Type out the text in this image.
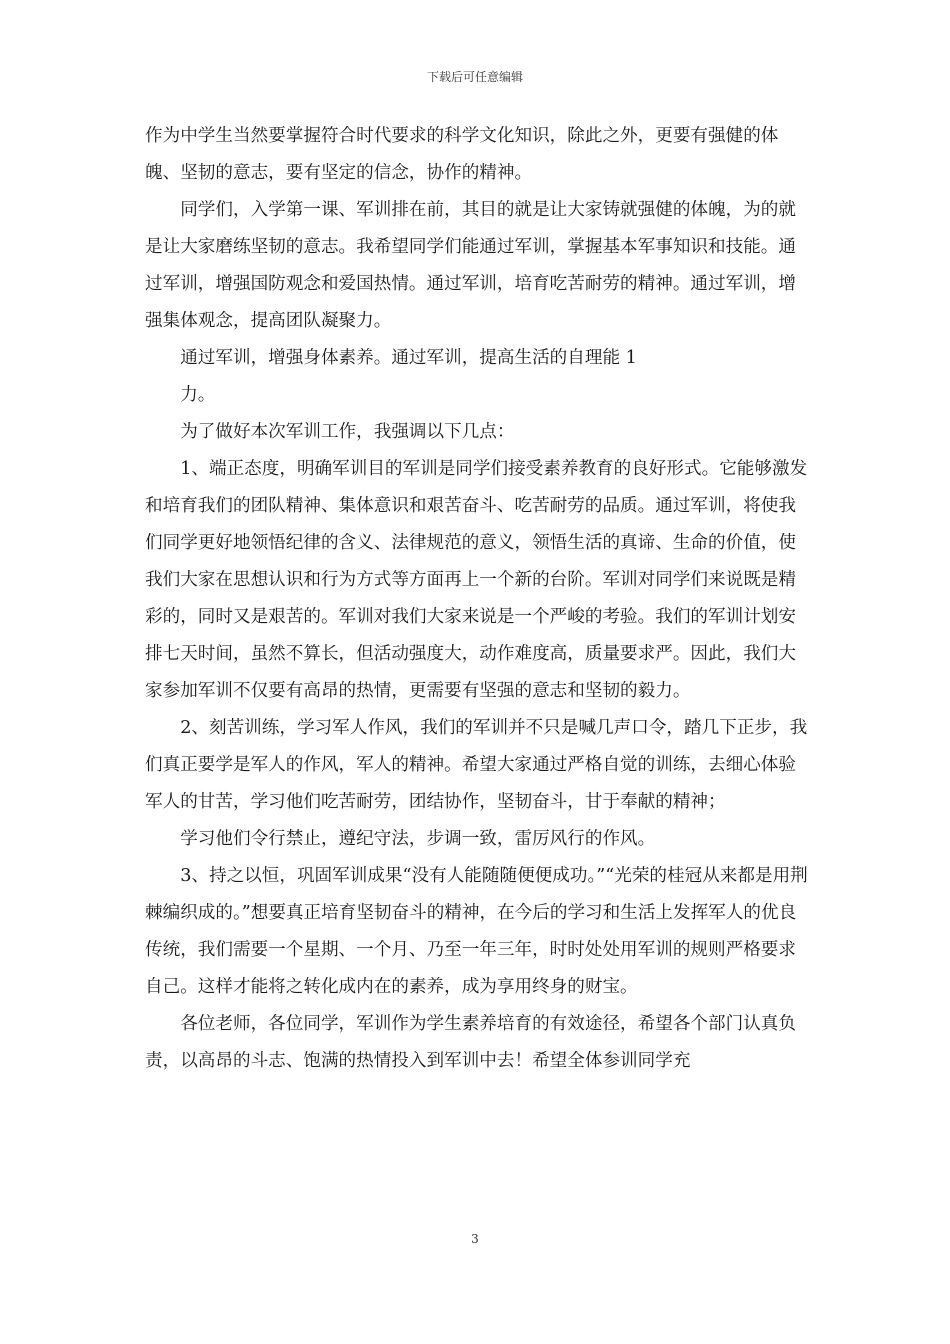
下载后可任意编辑

作为中学生当然要掌握符合时代要求的科学文化知识，除此之外，更要有强健的体魄、坚韧的意志，要有坚定的信念，协作的精神。

同学们，入学第一课、军训排在前，其目的就是让大家铸就强健的体魄，为的就是让大家磨练坚韧的意志。我希望同学们能通过军训，掌握基本军事知识和技能。通过军训，增强国防观念和爱国热情。通过军训，培育吃苦耐劳的精神。通过军训，增强集体观念，提高团队凝聚力。

通过军训，增强身体素养。通过军训，提高生活的自理能 1

力。

为了做好本次军训工作，我强调以下几点：

1、端正态度，明确军训目的军训是同学们接受素养教育的良好形式。它能够激发和培育我们的团队精神、集体意识和艰苦奋斗、吃苦耐劳的品质。通过军训，将使我们同学更好地领悟纪律的含义、法律规范的意义，领悟生活的真谛、生命的价值，使我们大家在思想认识和行为方式等方面再上一个新的台阶。军训对同学们来说既是精彩的，同时又是艰苦的。军训对我们大家来说是一个严峻的考验。我们的军训计划安排七天时间，虽然不算长，但活动强度大，动作难度高，质量要求严。因此，我们大家参加军训不仅要有高昂的热情，更需要有坚强的意志和坚韧的毅力。

2、刻苦训练，学习军人作风，我们的军训并不只是喊几声口令，踏几下正步，我们真正要学是军人的作风，军人的精神。希望大家通过严格自觉的训练，去细心体验军人的甘苦，学习他们吃苦耐劳，团结协作，坚韧奋斗，甘于奉献的精神；

学习他们令行禁止，遵纪守法，步调一致，雷厉风行的作风。

3、持之以恒，巩固军训成果“没有人能随随便便成功。”“光荣的桂冠从来都是用荆棘编织成的。”想要真正培育坚韧奋斗的精神，在今后的学习和生活上发挥军人的优良传统，我们需要一个星期、一个月、乃至一年三年，时时处处用军训的规则严格要求自己。这样才能将之转化成内在的素养，成为享用终身的财宝。

各位老师，各位同学，军训作为学生素养培育的有效途径，希望各个部门认真负责，以高昂的斗志、饱满的热情投入到军训中去！希望全体参训同学充

3
